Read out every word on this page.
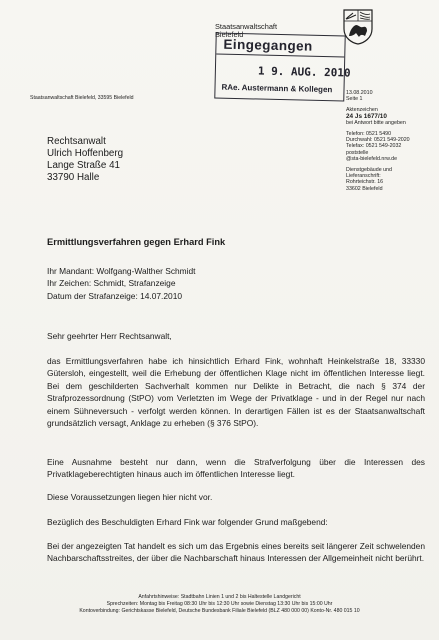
Staatsanwaltschaft
Bielefeld
Eingegangen
1 9. AUG. 2010
RAe. Austermann & Kollegen
Staatsanwaltschaft Bielefeld, 33595 Bielefeld
13.08.2010
Seite 1
Aktenzeichen
24 Js 1677/10
bei Antwort bitte angeben
Telefon: 0521 5490
Durchwahl: 0521 549-2020
Telefax: 0521 549-2032
poststelle
@sta-bielefeld.nrw.de
Dienstgebäude und
Lieferanschrift:
Rohrteichstr. 16
33602 Bielefeld
Rechtsanwalt
Ulrich Hoffenberg
Lange Straße 41
33790 Halle
Ermittlungsverfahren gegen Erhard Fink
Ihr Mandant: Wolfgang-Walther Schmidt
Ihr Zeichen: Schmidt, Strafanzeige
Datum der Strafanzeige: 14.07.2010
Sehr geehrter Herr Rechtsanwalt,
das Ermittlungsverfahren habe ich hinsichtlich Erhard Fink, wohnhaft Heinkelstraße 18, 33330 Gütersloh, eingestellt, weil die Erhebung der öffentlichen Klage nicht im öffentlichen Interesse liegt. Bei dem geschilderten Sachverhalt kommen nur Delikte in Betracht, die nach § 374 der Strafprozessordnung (StPO) vom Verletzten im Wege der Privatklage - und in der Regel nur nach einem Sühneversuch - verfolgt werden können. In derartigen Fällen ist es der Staatsanwaltschaft grundsätzlich versagt, Anklage zu erheben (§ 376 StPO).
Eine Ausnahme besteht nur dann, wenn die Strafverfolgung über die Interessen des Privatklageberechtigten hinaus auch im öffentlichen Interesse liegt.
Diese Voraussetzungen liegen hier nicht vor.
Bezüglich des Beschuldigten Erhard Fink war folgender Grund maßgebend:
Bei der angezeigten Tat handelt es sich um das Ergebnis eines bereits seit längerer Zeit schwelenden Nachbarschaftsstreites, der über die Nachbarschaft hinaus Interessen der Allgemeinheit nicht berührt.
Anfahrtshinweise: Stadtbahn Linien 1 und 2 bis Haltestelle Landgericht
Sprechzeiten: Montag bis Freitag 08:30 Uhr bis 12:30 Uhr sowie Dienstag 13:30 Uhr bis 15:00 Uhr
Kontoverbindung: Gerichtskasse Bielefeld, Deutsche Bundesbank Filiale Bielefeld (BLZ 480 000 00) Konto-Nr. 480 015 10
